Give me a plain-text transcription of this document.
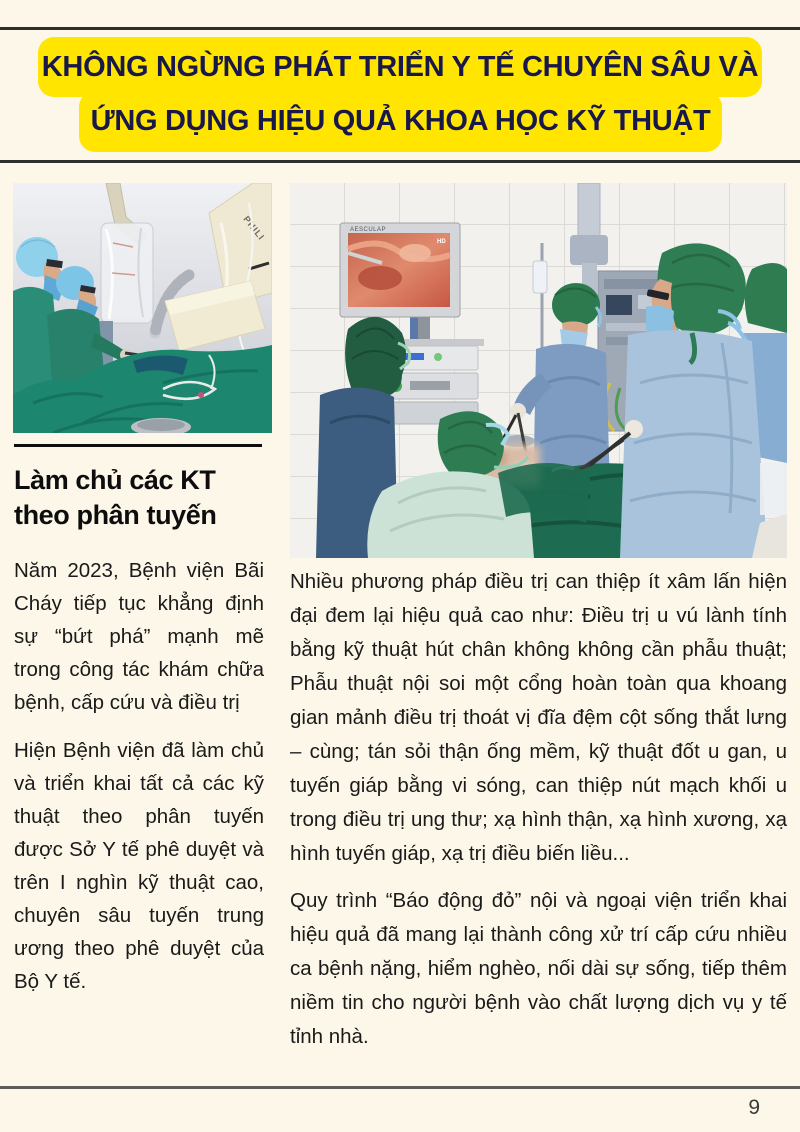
KHÔNG NGỪNG PHÁT TRIỂN Y TẾ CHUYÊN SÂU VÀ
ỨNG DỤNG HIỆU QUẢ KHOA HỌC KỸ THUẬT
PHILI	AESCULAP
HD
Làm chủ các KT theo phân tuyến

Năm 2023, Bệnh viện Bãi Cháy tiếp tục khẳng định sự “bứt phá” mạnh mẽ trong công tác khám chữa bệnh, cấp cứu và điều trị

Hiện Bệnh viện đã làm chủ và triển khai tất cả các kỹ thuật theo phân tuyến được Sở Y tế phê duyệt và trên I nghìn kỹ thuật cao, chuyên sâu tuyến trung ương theo phê duyệt của Bộ Y tế.

Nhiều phương pháp điều trị can thiệp ít xâm lấn hiện đại đem lại hiệu quả cao như: Điều trị u vú lành tính bằng kỹ thuật hút chân không không cần phẫu thuật; Phẫu thuật nội soi một cổng hoàn toàn qua khoang gian mảnh điều trị thoát vị đĩa đệm cột sống thắt lưng – cùng; tán sỏi thận ống mềm, kỹ thuật đốt u gan, u tuyến giáp bằng vi sóng, can thiệp nút mạch khối u trong điều trị ung thư; xạ hình thận, xạ hình xương, xạ hình tuyến giáp, xạ trị điều biến liều...

Quy trình “Báo động đỏ” nội và ngoại viện triển khai hiệu quả đã mang lại thành công xử trí cấp cứu nhiều ca bệnh nặng, hiểm nghèo, nối dài sự sống, tiếp thêm niềm tin cho người bệnh vào chất lượng dịch vụ y tế tỉnh nhà.

9
